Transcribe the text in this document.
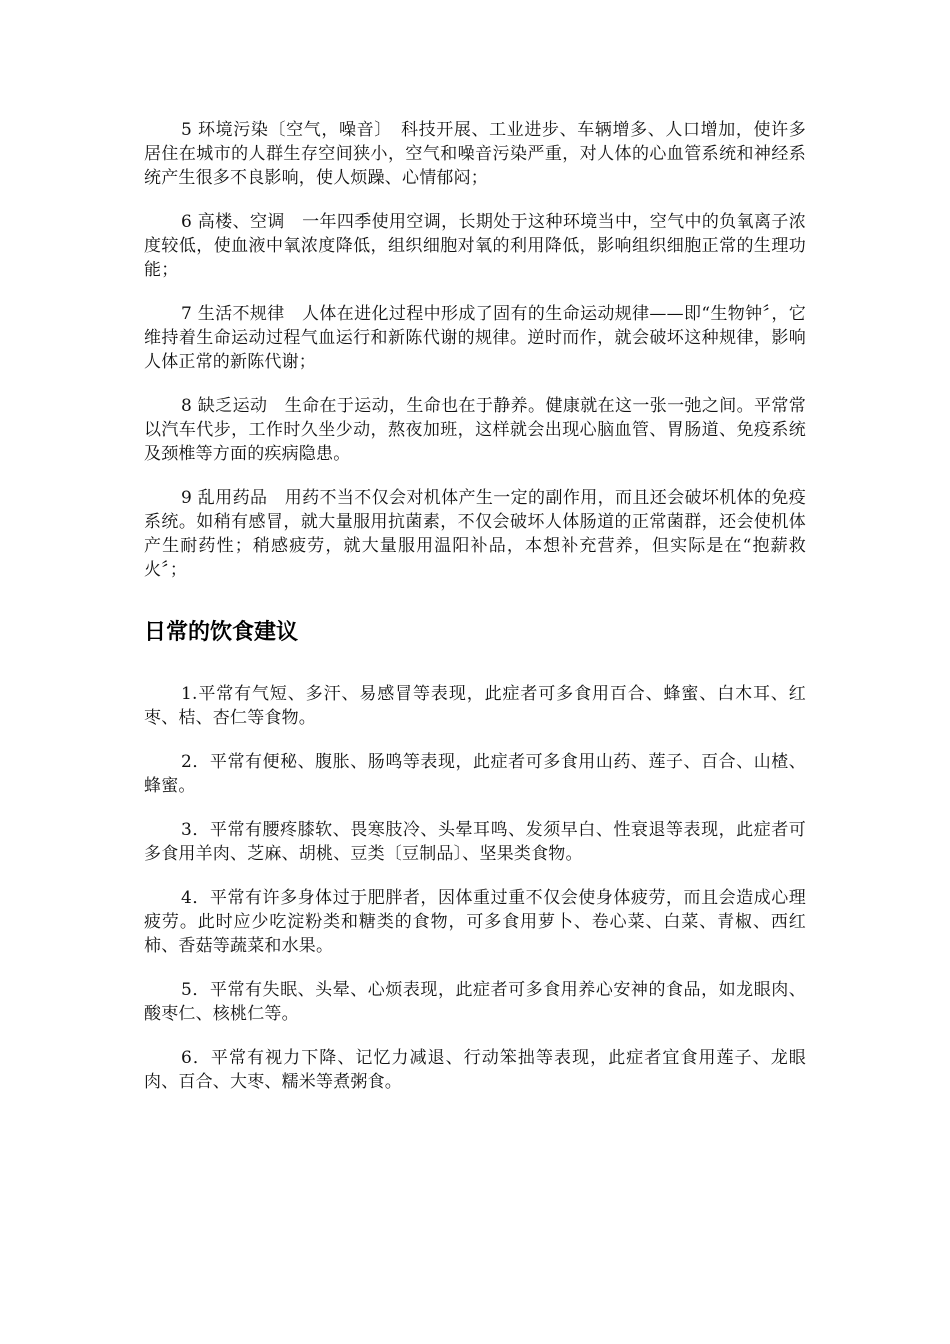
5 环境污染〔空气，噪音〕　科技开展、工业进步、车辆增多、人口增加，使许多居住在城市的人群生存空间狭小，空气和噪音污染严重，对人体的心血管系统和神经系统产生很多不良影响，使人烦躁、心情郁闷；

6 高楼、空调　一年四季使用空调，长期处于这种环境当中，空气中的负氧离子浓度较低，使血液中氧浓度降低，组织细胞对氧的利用降低，影响组织细胞正常的生理功能；

7 生活不规律　人体在进化过程中形成了固有的生命运动规律——即“生物钟〞，它维持着生命运动过程气血运行和新陈代谢的规律。逆时而作，就会破坏这种规律，影响人体正常的新陈代谢；

8 缺乏运动　生命在于运动，生命也在于静养。健康就在这一张一弛之间。平常常以汽车代步，工作时久坐少动，熬夜加班，这样就会出现心脑血管、胃肠道、免疫系统及颈椎等方面的疾病隐患。

9 乱用药品　用药不当不仅会对机体产生一定的副作用，而且还会破坏机体的免疫系统。如稍有感冒，就大量服用抗菌素，不仅会破坏人体肠道的正常菌群，还会使机体产生耐药性；稍感疲劳，就大量服用温阳补品，本想补充营养，但实际是在“抱薪救火〞；

日常的饮食建议

1.平常有气短、多汗、易感冒等表现，此症者可多食用百合、蜂蜜、白木耳、红枣、桔、杏仁等食物。

2．平常有便秘、腹胀、肠鸣等表现，此症者可多食用山药、莲子、百合、山楂、蜂蜜。

3．平常有腰疼膝软、畏寒肢冷、头晕耳鸣、发须早白、性衰退等表现，此症者可多食用羊肉、芝麻、胡桃、豆类〔豆制品〕、坚果类食物。

4．平常有许多身体过于肥胖者，因体重过重不仅会使身体疲劳，而且会造成心理疲劳。此时应少吃淀粉类和糖类的食物，可多食用萝卜、卷心菜、白菜、青椒、西红柿、香菇等蔬菜和水果。

5．平常有失眠、头晕、心烦表现，此症者可多食用养心安神的食品，如龙眼肉、酸枣仁、核桃仁等。

6．平常有视力下降、记忆力减退、行动笨拙等表现，此症者宜食用莲子、龙眼肉、百合、大枣、糯米等煮粥食。
